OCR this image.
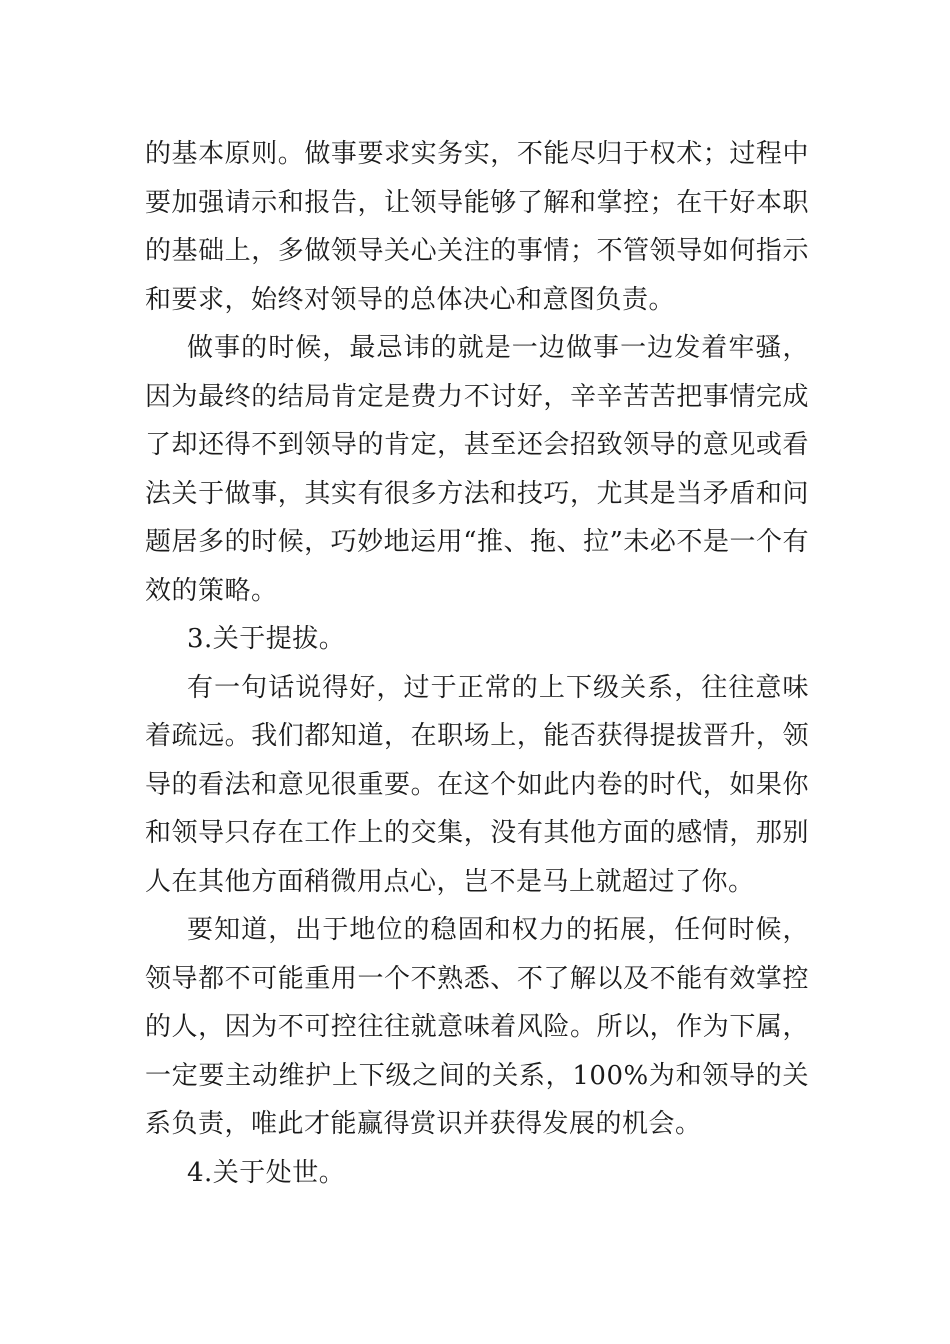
的基本原则。做事要求实务实，不能尽归于权术；过程中要加强请示和报告，让领导能够了解和掌控；在干好本职的基础上，多做领导关心关注的事情；不管领导如何指示和要求，始终对领导的总体决心和意图负责。

做事的时候，最忌讳的就是一边做事一边发着牢骚，因为最终的结局肯定是费力不讨好，辛辛苦苦把事情完成了却还得不到领导的肯定，甚至还会招致领导的意见或看法关于做事，其实有很多方法和技巧，尤其是当矛盾和问题居多的时候，巧妙地运用“推、拖、拉”未必不是一个有效的策略。

3.关于提拔。

有一句话说得好，过于正常的上下级关系，往往意味着疏远。我们都知道，在职场上，能否获得提拔晋升，领导的看法和意见很重要。在这个如此内卷的时代，如果你和领导只存在工作上的交集，没有其他方面的感情，那别人在其他方面稍微用点心，岂不是马上就超过了你。

要知道，出于地位的稳固和权力的拓展，任何时候，领导都不可能重用一个不熟悉、不了解以及不能有效掌控的人，因为不可控往往就意味着风险。所以，作为下属，一定要主动维护上下级之间的关系，100%为和领导的关系负责，唯此才能赢得赏识并获得发展的机会。

4.关于处世。
